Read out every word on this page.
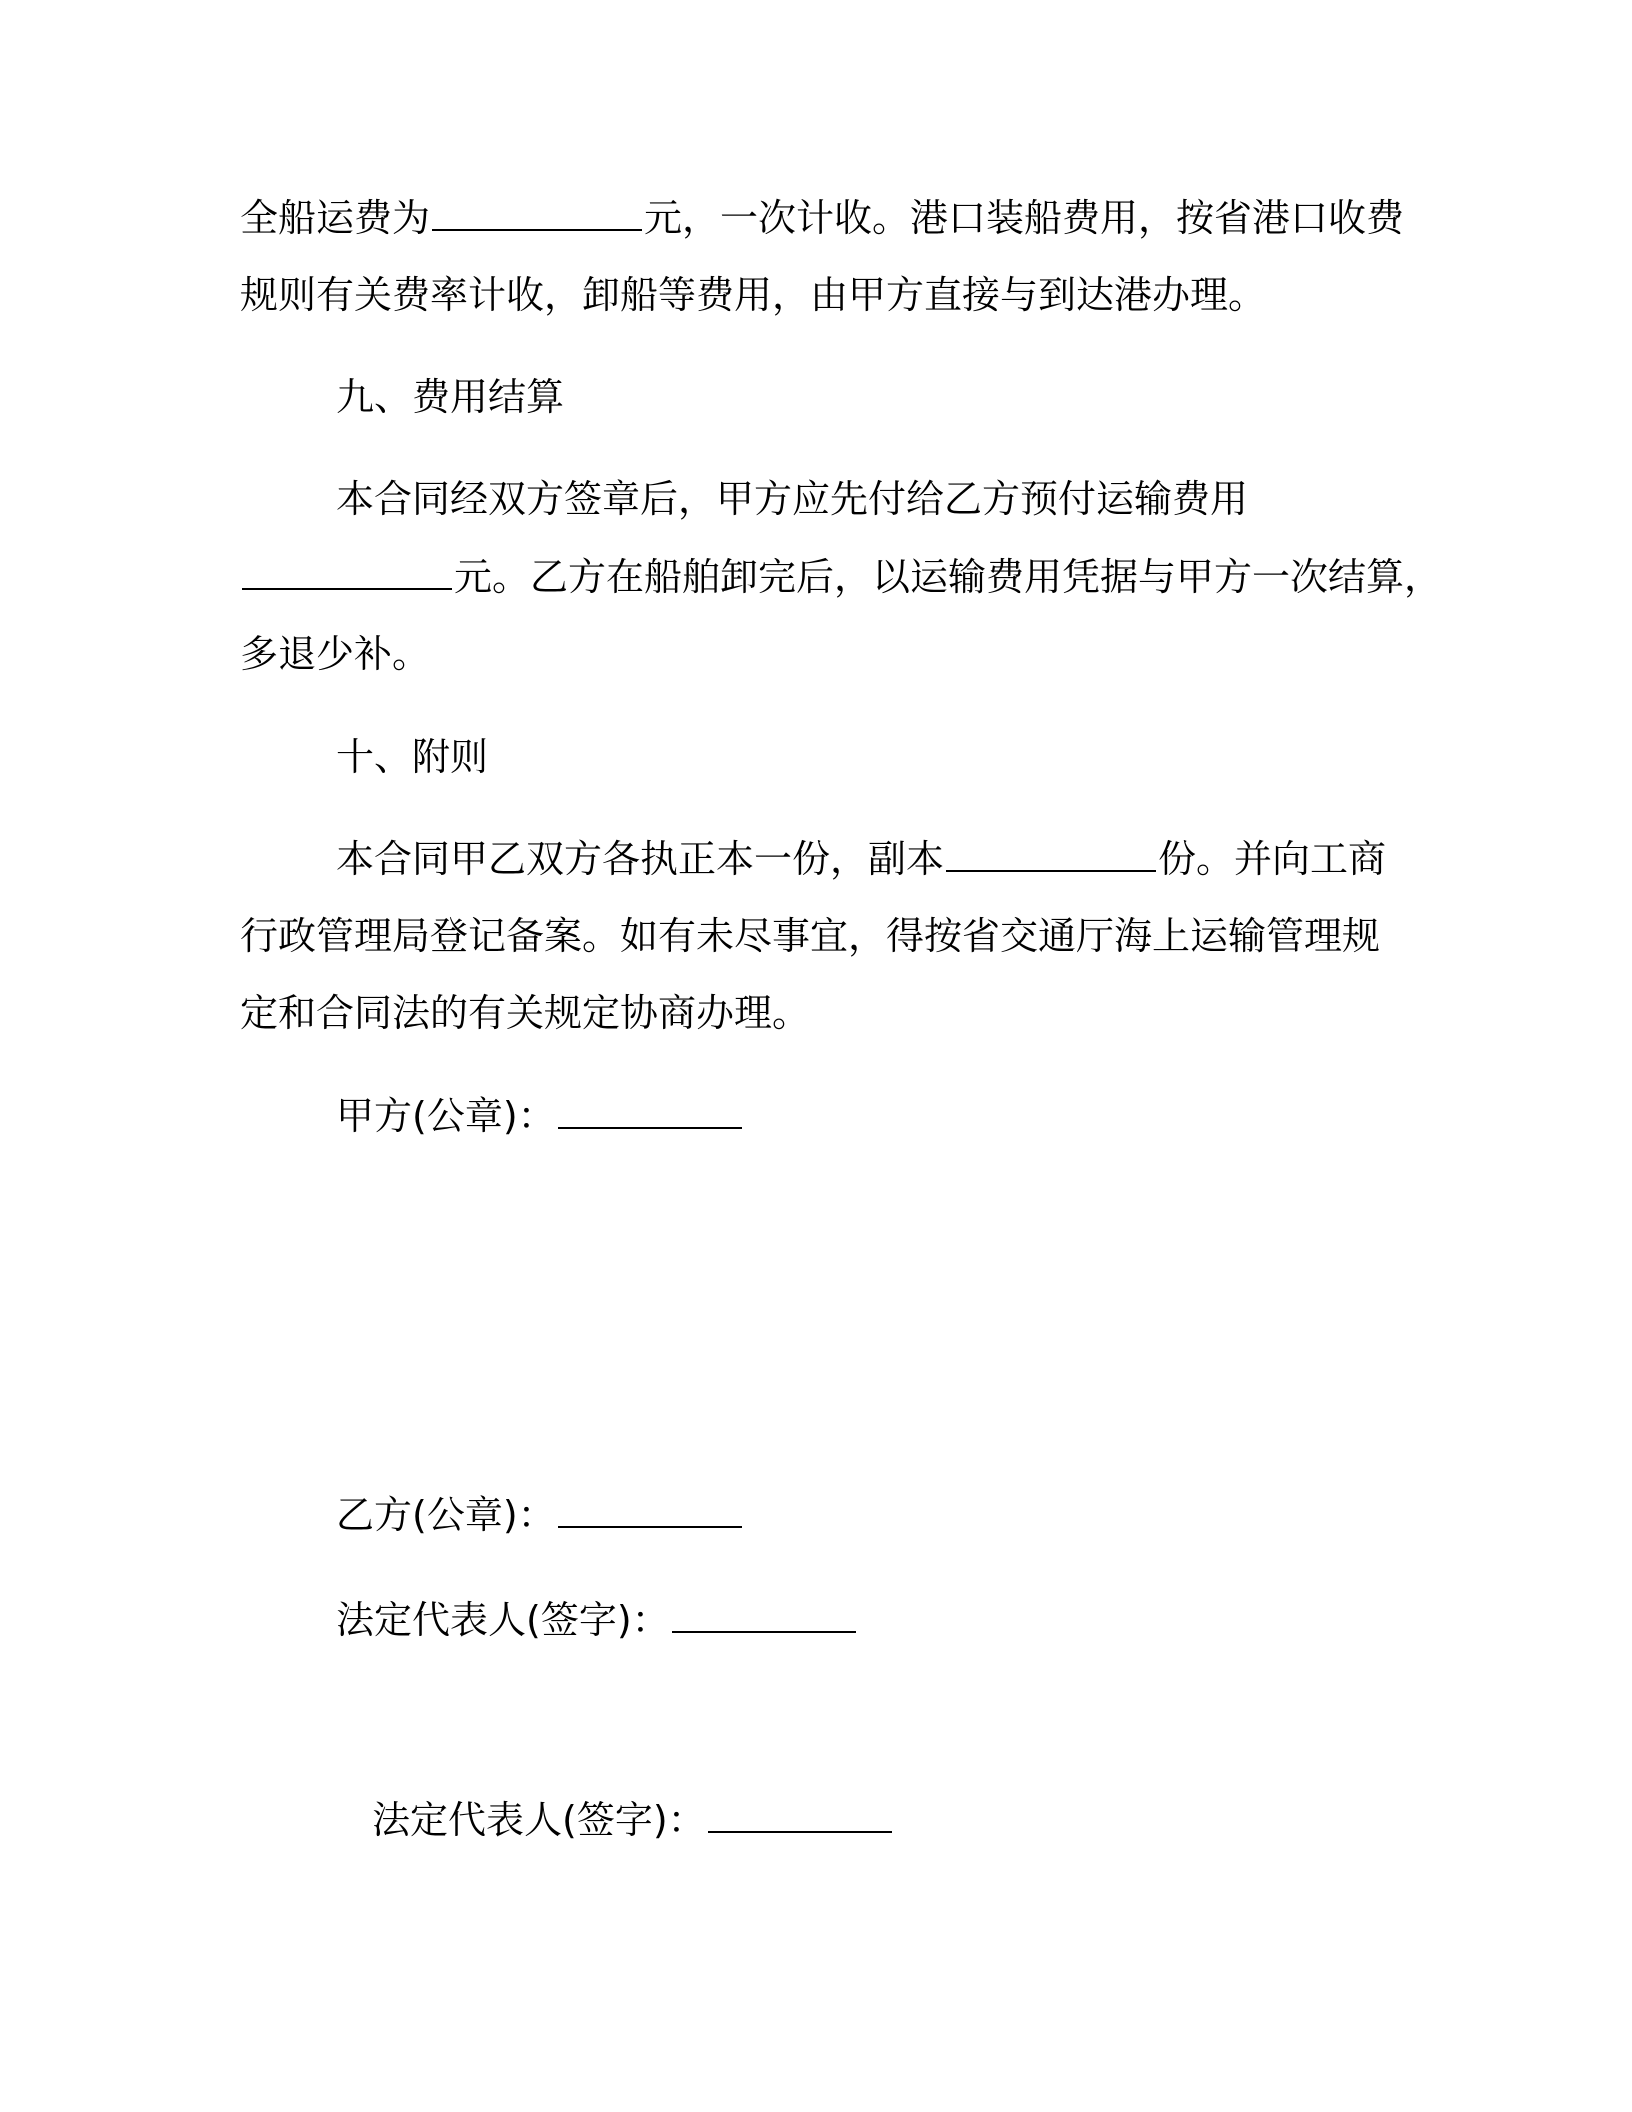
全船运费为	元，一次计收。港口装船费用，按省港口收费
规则有关费率计收，卸船等费用，由甲方直接与到达港办理。
九、费用结算
本合同经双方签章后，甲方应先付给乙方预付运输费用
元。乙方在船舶卸完后，以运输费用凭据与甲方一次结算，
多退少补。
十、附则
本合同甲乙双方各执正本一份，副本	份。并向工商
行政管理局登记备案。如有未尽事宜，得按省交通厅海上运输管理规
定和合同法的有关规定协商办理。
甲方(公章)：
乙方(公章)：
法定代表人(签字)：
法定代表人(签字)：
